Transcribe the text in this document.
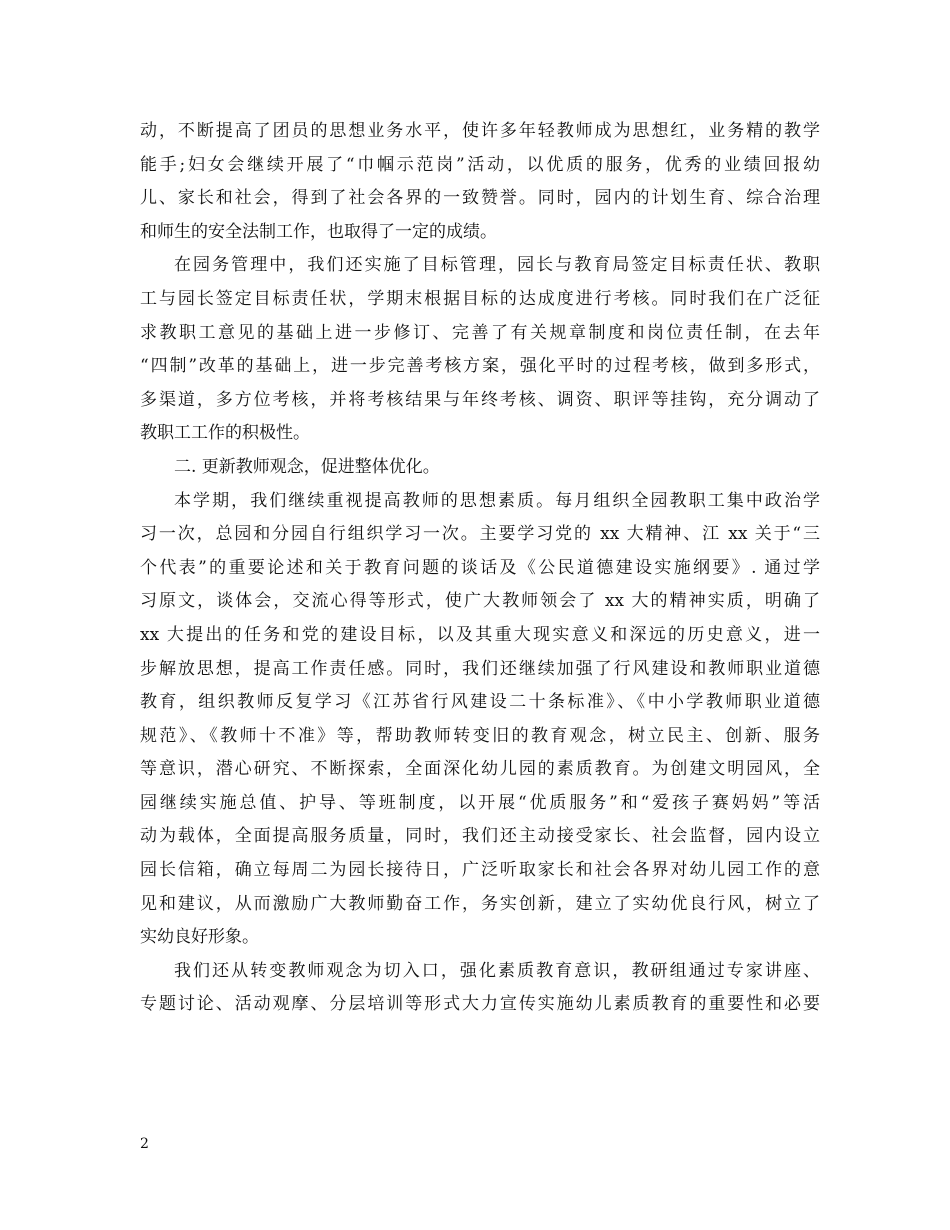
动，不断提高了团员的思想业务水平，使许多年轻教师成为思想红，业务精的教学
能手;妇女会继续开展了“巾帼示范岗”活动，以优质的服务，优秀的业绩回报幼
儿、家长和社会，得到了社会各界的一致赞誉。同时，园内的计划生育、综合治理
和师生的安全法制工作，也取得了一定的成绩。
在园务管理中，我们还实施了目标管理，园长与教育局签定目标责任状、教职
工与园长签定目标责任状，学期末根据目标的达成度进行考核。同时我们在广泛征
求教职工意见的基础上进一步修订、完善了有关规章制度和岗位责任制，在去年
“四制”改革的基础上，进一步完善考核方案，强化平时的过程考核，做到多形式，
多渠道，多方位考核，并将考核结果与年终考核、调资、职评等挂钩，充分调动了
教职工工作的积极性。
二. 更新教师观念，促进整体优化。
本学期，我们继续重视提高教师的思想素质。每月组织全园教职工集中政治学
习一次，总园和分园自行组织学习一次。主要学习党的 xx 大精神、江 xx 关于“三
个代表”的重要论述和关于教育问题的谈话及《公民道德建设实施纲要》. 通过学
习原文，谈体会，交流心得等形式，使广大教师领会了 xx 大的精神实质，明确了
xx 大提出的任务和党的建设目标，以及其重大现实意义和深远的历史意义，进一
步解放思想，提高工作责任感。同时，我们还继续加强了行风建设和教师职业道德
教育，组织教师反复学习《江苏省行风建设二十条标准》、《中小学教师职业道德
规范》、《教师十不准》等，帮助教师转变旧的教育观念，树立民主、创新、服务
等意识，潜心研究、不断探索，全面深化幼儿园的素质教育。为创建文明园风，全
园继续实施总值、护导、等班制度，以开展“优质服务”和“爱孩子赛妈妈”等活
动为载体，全面提高服务质量，同时，我们还主动接受家长、社会监督，园内设立
园长信箱，确立每周二为园长接待日，广泛听取家长和社会各界对幼儿园工作的意
见和建议，从而激励广大教师勤奋工作，务实创新，建立了实幼优良行风，树立了
实幼良好形象。
我们还从转变教师观念为切入口，强化素质教育意识，教研组通过专家讲座、
专题讨论、活动观摩、分层培训等形式大力宣传实施幼儿素质教育的重要性和必要
2
